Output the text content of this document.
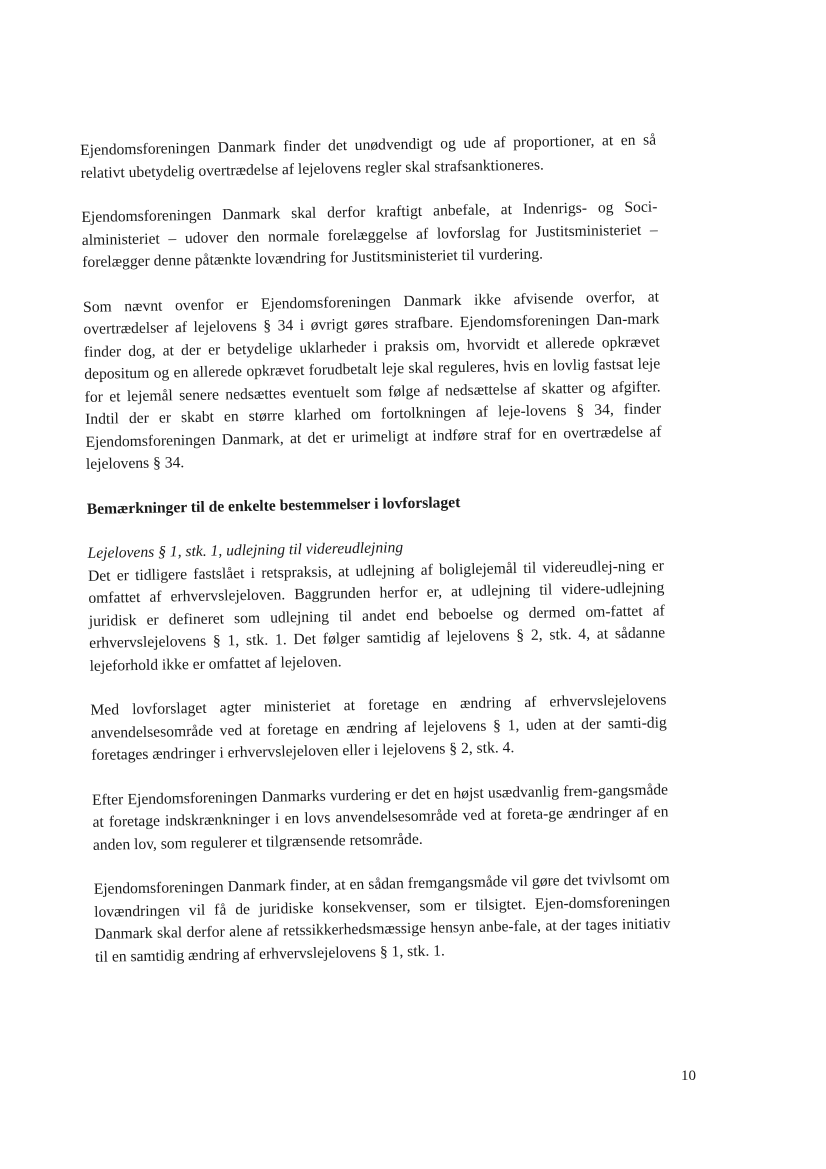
Ejendomsforeningen Danmark finder det unødvendigt og ude af proportioner, at en så relativt ubetydelig overtrædelse af lejelovens regler skal strafsanktioneres.

Ejendomsforeningen Danmark skal derfor kraftigt anbefale, at Indenrigs- og Soci-alministeriet – udover den normale forelæggelse af lovforslag for Justitsministeriet – forelægger denne påtænkte lovændring for Justitsministeriet til vurdering.

Som nævnt ovenfor er Ejendomsforeningen Danmark ikke afvisende overfor, at overtrædelser af lejelovens § 34 i øvrigt gøres strafbare. Ejendomsforeningen Dan-mark finder dog, at der er betydelige uklarheder i praksis om, hvorvidt et allerede opkrævet depositum og en allerede opkrævet forudbetalt leje skal reguleres, hvis en lovlig fastsat leje for et lejemål senere nedsættes eventuelt som følge af nedsættelse af skatter og afgifter. Indtil der er skabt en større klarhed om fortolkningen af leje-lovens § 34, finder Ejendomsforeningen Danmark, at det er urimeligt at indføre straf for en overtrædelse af lejelovens § 34.

Bemærkninger til de enkelte bestemmelser i lovforslaget

Lejelovens § 1, stk. 1, udlejning til videreudlejning

Det er tidligere fastslået i retspraksis, at udlejning af boliglejemål til videreudlej-ning er omfattet af erhvervslejeloven. Baggrunden herfor er, at udlejning til videre-udlejning juridisk er defineret som udlejning til andet end beboelse og dermed om-fattet af erhvervslejelovens § 1, stk. 1. Det følger samtidig af lejelovens § 2, stk. 4, at sådanne lejeforhold ikke er omfattet af lejeloven.

Med lovforslaget agter ministeriet at foretage en ændring af erhvervslejelovens anvendelsesområde ved at foretage en ændring af lejelovens § 1, uden at der samti-dig foretages ændringer i erhvervslejeloven eller i lejelovens § 2, stk. 4.

Efter Ejendomsforeningen Danmarks vurdering er det en højst usædvanlig frem-gangsmåde at foretage indskrænkninger i en lovs anvendelsesområde ved at foreta-ge ændringer af en anden lov, som regulerer et tilgrænsende retsområde.

Ejendomsforeningen Danmark finder, at en sådan fremgangsmåde vil gøre det tvivlsomt om lovændringen vil få de juridiske konsekvenser, som er tilsigtet. Ejen-domsforeningen Danmark skal derfor alene af retssikkerhedsmæssige hensyn anbe-fale, at der tages initiativ til en samtidig ændring af erhvervslejelovens § 1, stk. 1.

10
